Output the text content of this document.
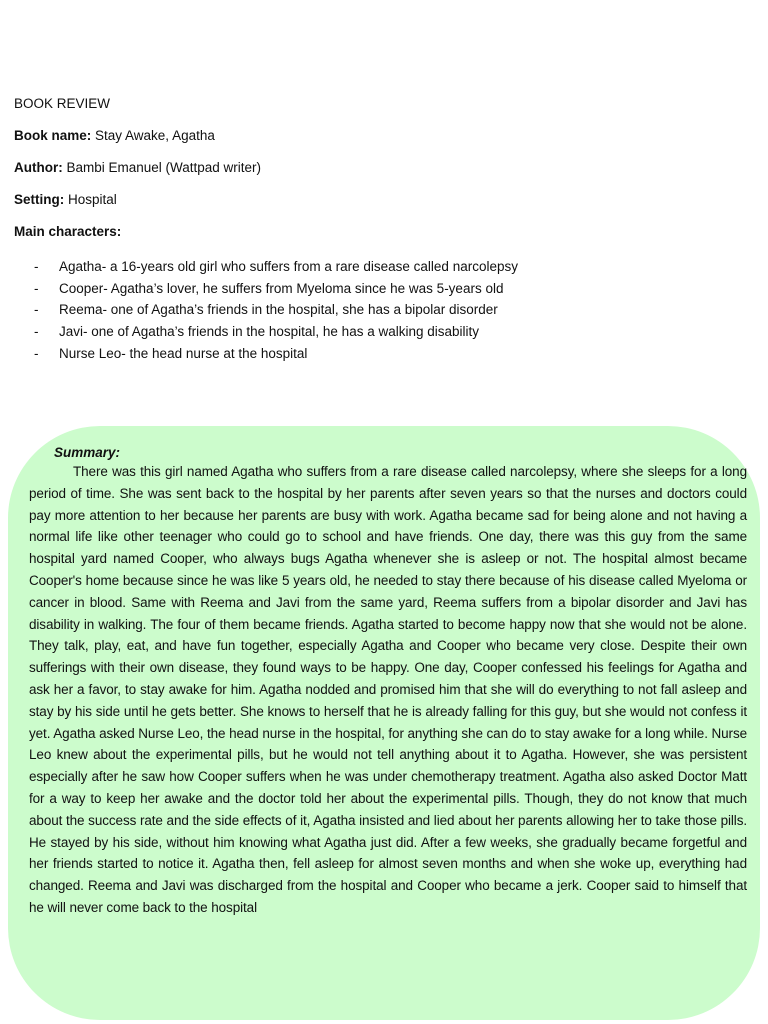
BOOK REVIEW
Book name: Stay Awake, Agatha
Author: Bambi Emanuel (Wattpad writer)
Setting: Hospital
Main characters:
- Agatha- a 16-years old girl who suffers from a rare disease called narcolepsy
- Cooper- Agatha’s lover, he suffers from Myeloma since he was 5-years old
- Reema- one of Agatha’s friends in the hospital, she has a bipolar disorder
- Javi- one of Agatha’s friends in the hospital, he has a walking disability
- Nurse Leo- the head nurse at the hospital
Summary:

There was this girl named Agatha who suffers from a rare disease called narcolepsy, where she sleeps for a long period of time. She was sent back to the hospital by her parents after seven years so that the nurses and doctors could pay more attention to her because her parents are busy with work. Agatha became sad for being alone and not having a normal life like other teenager who could go to school and have friends. One day, there was this guy from the same hospital yard named Cooper, who always bugs Agatha whenever she is asleep or not. The hospital almost became Cooper's home because since he was like 5 years old, he needed to stay there because of his disease called Myeloma or cancer in blood. Same with Reema and Javi from the same yard, Reema suffers from a bipolar disorder and Javi has disability in walking. The four of them became friends. Agatha started to become happy now that she would not be alone. They talk, play, eat, and have fun together, especially Agatha and Cooper who became very close. Despite their own sufferings with their own disease, they found ways to be happy. One day, Cooper confessed his feelings for Agatha and ask her a favor, to stay awake for him. Agatha nodded and promised him that she will do everything to not fall asleep and stay by his side until he gets better. She knows to herself that he is already falling for this guy, but she would not confess it yet. Agatha asked Nurse Leo, the head nurse in the hospital, for anything she can do to stay awake for a long while. Nurse Leo knew about the experimental pills, but he would not tell anything about it to Agatha. However, she was persistent especially after he saw how Cooper suffers when he was under chemotherapy treatment. Agatha also asked Doctor Matt for a way to keep her awake and the doctor told her about the experimental pills. Though, they do not know that much about the success rate and the side effects of it, Agatha insisted and lied about her parents allowing her to take those pills. He stayed by his side, without him knowing what Agatha just did. After a few weeks, she gradually became forgetful and her friends started to notice it. Agatha then, fell asleep for almost seven months and when she woke up, everything had changed. Reema and Javi was discharged from the hospital and Cooper who became a jerk. Cooper said to himself that he will never come back to the hospital
